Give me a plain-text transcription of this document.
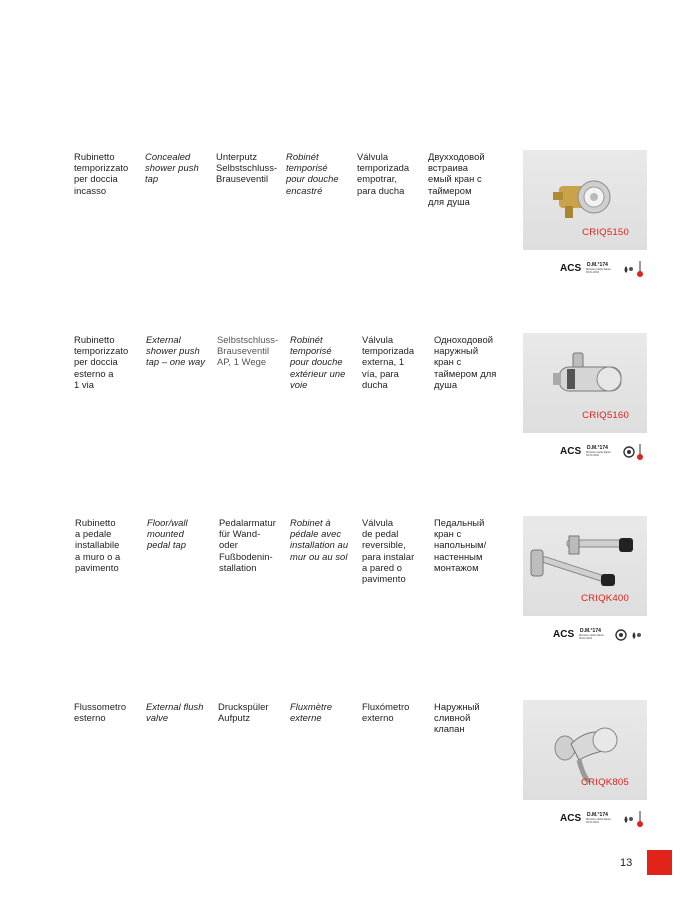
Rubinetto
temporizzato
per doccia
incasso
Concealed
shower push
tap
Unterputz
Selbstschluss-
Brauseventil
Robinét
temporisé
pour douche
encastré
Válvula
temporizada
empotrar,
para ducha
Двухходовой
встраива
емый кран с
таймером
для душа
CRIQ5150
ACS D.M.°174
Ministero della Salute 06.04.2004
Rubinetto
temporizzato
per doccia
esterno a
1 via
External
shower push
tap – one way
Selbstschluss-
Brauseventil
AP, 1 Wege
Robinét
temporisé
pour douche
extérieur une
voie
Válvula
temporizada
externa, 1
vía, para
ducha
Одноходовой
наружный
кран с
таймером для
душа
CRIQ5160
ACS D.M.°174
Ministero della Salute 06.04.2004
Rubinetto
a pedale
installabile
a muro o a
pavimento
Floor/wall
mounted
pedal tap
Pedalarmatur
für Wand-
oder
Fußbodenin-
stallation
Robinet à
pédale avec
installation au
mur ou au sol
Válvula
de pedal
reversible,
para instalar
a pared o
pavimento
Педальный
кран с
напольным/
настенным
монтажом
CRIQK400
ACS D.M.°174
Ministero della Salute 06.04.2004
Flussometro
esterno
External flush
valve
Druckspüler
Aufputz
Fluxmètre
externe
Fluxómetro
externo
Наружный
сливной
клапан
CRIQK805
ACS D.M.°174
Ministero della Salute 06.04.2004
13
